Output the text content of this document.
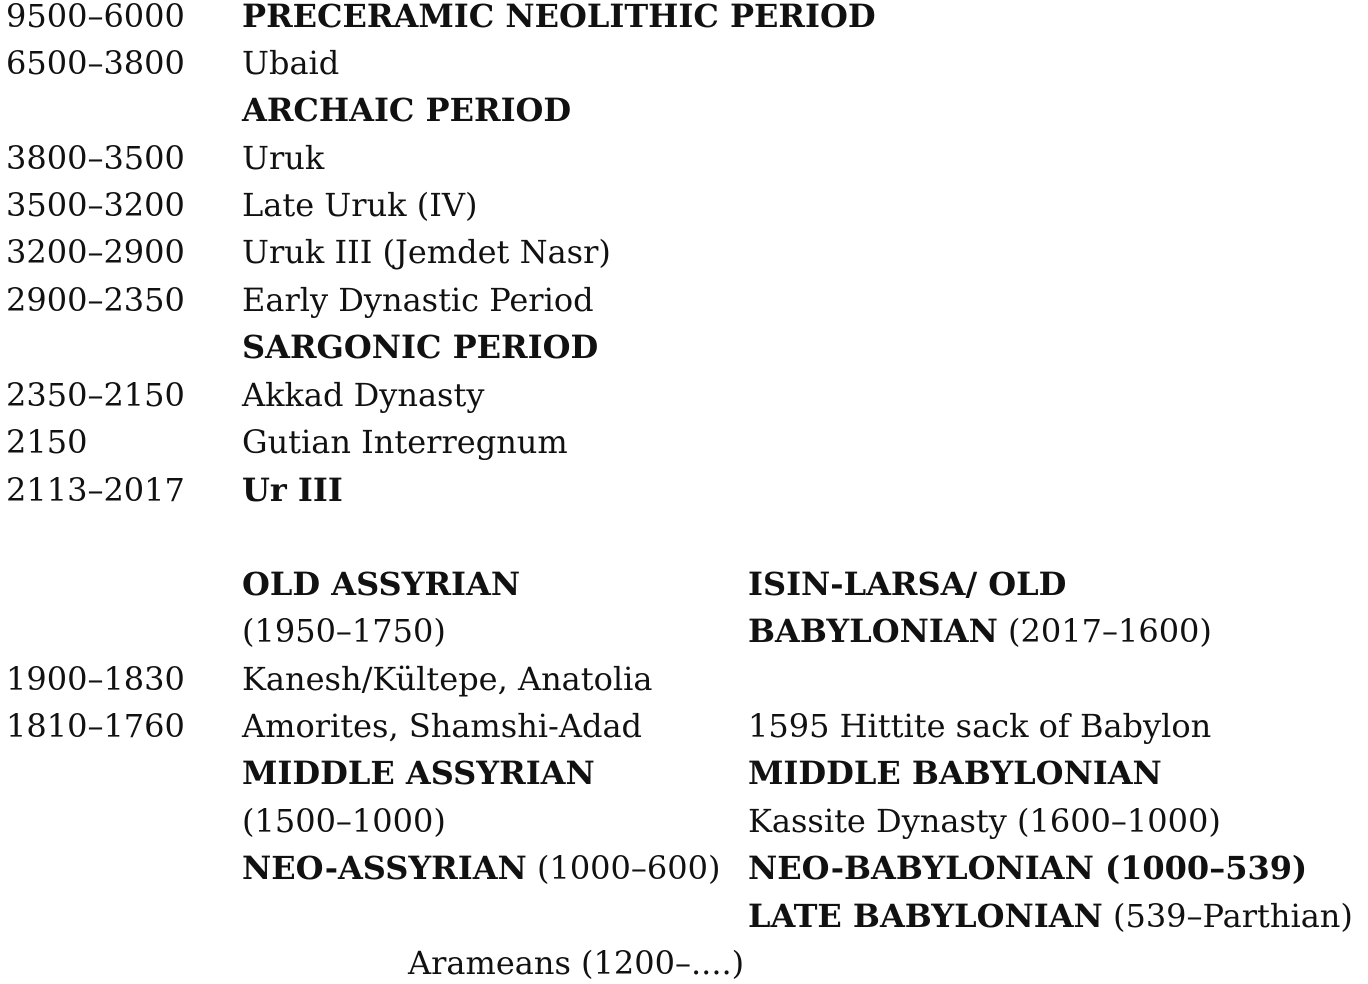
9500–6000 PRECERAMIC NEOLITHIC PERIOD
6500–3800 Ubaid
ARCHAIC PERIOD
3800–3500 Uruk
3500–3200 Late Uruk (IV)
3200–2900 Uruk III (Jemdet Nasr)
2900–2350 Early Dynastic Period
SARGONIC PERIOD
2350–2150 Akkad Dynasty
2150	Gutian Interregnum
2113–2017 Ur III
OLD ASSYRIAN
(1950–1750)
1900–1830 Kanesh/Kültepe, Anatolia
1810–1760 Amorites, Shamshi-Adad
MIDDLE ASSYRIAN
(1500–1000)
NEO-ASSYRIAN (1000–600)
ISIN-LARSA/ OLD
BABYLONIAN (2017–1600)
1595 Hittite sack of Babylon
MIDDLE BABYLONIAN
Kassite Dynasty (1600–1000)
NEO-BABYLONIAN (1000–539)
LATE BABYLONIAN (539–Parthian)
Arameans (1200–....)
